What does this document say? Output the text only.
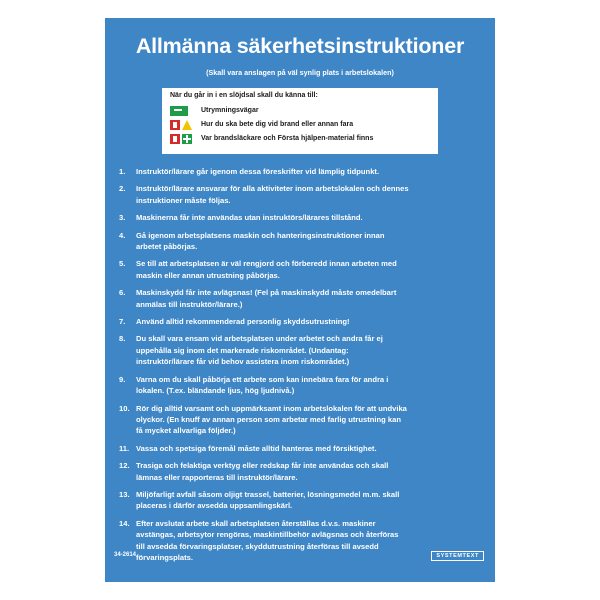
Allmänna säkerhetsinstruktioner
(Skall vara anslagen på väl synlig plats i arbetslokalen)
När du går in i en slöjdsal skall du känna till:
Utrymningsvägar
Hur du ska bete dig vid brand eller annan fara
Var brandsläckare och Första hjälpen-material finns
1. Instruktör/lärare går igenom dessa föreskrifter vid lämplig tidpunkt.
2. Instruktör/lärare ansvarar för alla aktiviteter inom arbetslokalen och dennes instruktioner måste följas.
3. Maskinerna får inte användas utan instruktörs/lärares tillstånd.
4. Gå igenom arbetsplatsens maskin och hanteringsinstruktioner innan arbetet påbörjas.
5. Se till att arbetsplatsen är väl rengjord och förberedd innan arbeten med maskin eller annan utrustning påbörjas.
6. Maskinskydd får inte avlägsnas! (Fel på maskinskydd måste omedelbart anmälas till instruktör/lärare.)
7. Använd alltid rekommenderad personlig skyddsutrustning!
8. Du skall vara ensam vid arbetsplatsen under arbetet och andra får ej uppehålla sig inom det markerade riskområdet. (Undantag: instruktör/lärare får vid behov assistera inom riskområdet.)
9. Varna om du skall påbörja ett arbete som kan innebära fara för andra i lokalen. (T.ex. bländande ljus, hög ljudnivå.)
10. Rör dig alltid varsamt och uppmärksamt inom arbetslokalen för att undvika olyckor. (En knuff av annan person som arbetar med farlig utrustning kan få mycket allvarliga följder.)
11. Vassa och spetsiga föremål måste alltid hanteras med försiktighet.
12. Trasiga och felaktiga verktyg eller redskap får inte användas och skall lämnas eller rapporteras till instruktör/lärare.
13. Miljöfarligt avfall såsom oljigt trassel, batterier, lösningsmedel m.m. skall placeras i därför avsedda uppsamlingskärl.
14. Efter avslutat arbete skall arbetsplatsen återställas d.v.s. maskiner avstängas, arbetsytor rengöras, maskintillbehör avlägsnas och återföras till avsedda förvaringsplatser, skyddutrustning återföras till avsedd förvaringsplats.
34-2614	SYSTEMTEXT
